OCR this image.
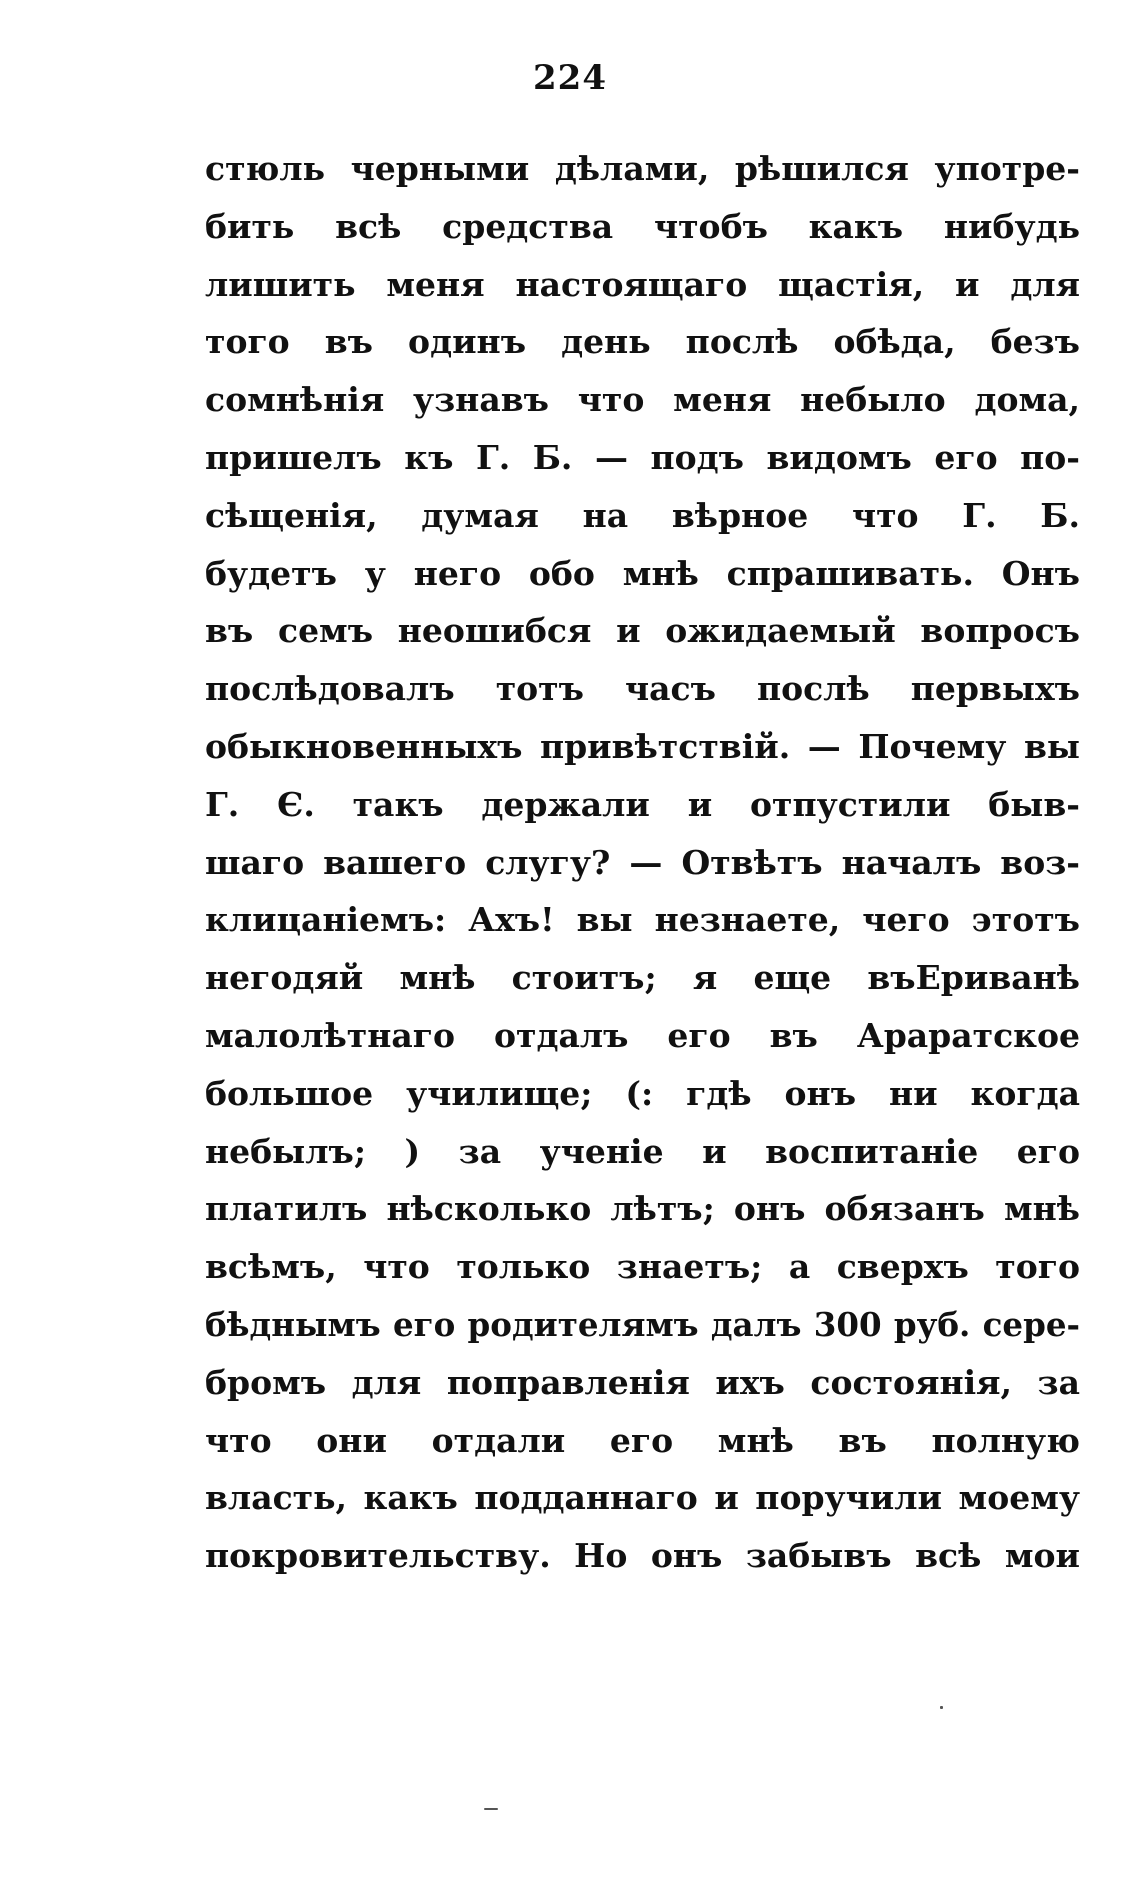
224
стюль черными дѣлами, рѣшился употре-
бить всѣ средства чтобъ какъ нибудь
лишить меня настоящаго щастія, и для
того въ одинъ день послѣ обѣда, безъ
сомнѣнія узнавъ что меня небыло дома,
пришелъ къ Г. Б. — подъ видомъ его по-
сѣщенія, думая на вѣрное что Г. Б.
будетъ у него обо мнѣ спрашивать. Онъ
въ семъ неошибся и ожидаемый вопросъ
послѣдовалъ тотъ часъ послѣ первыхъ
обыкновенныхъ привѣтствій. — Почему вы
Г. Є. такъ держали и отпустили быв-
шаго вашего слугу? — Отвѣтъ началъ воз-
клицаніемъ: Ахъ! вы незнаете, чего этотъ
негодяй мнѣ стоитъ; я еще въЕриванѣ
малолѣтнаго отдалъ его въ Араратское
большое училище; (: гдѣ онъ ни когда
небылъ; ) за ученіе и воспитаніе его
платилъ нѣсколько лѣтъ; онъ обязанъ мнѣ
всѣмъ, что только знаетъ; а сверхъ того
бѣднымъ его родителямъ далъ 300 руб. сере-
бромъ для поправленія ихъ состоянія, за
что они отдали его мнѣ въ полную
власть, какъ подданнаго и поручили моему
покровительству. Но онъ забывъ всѣ мои
